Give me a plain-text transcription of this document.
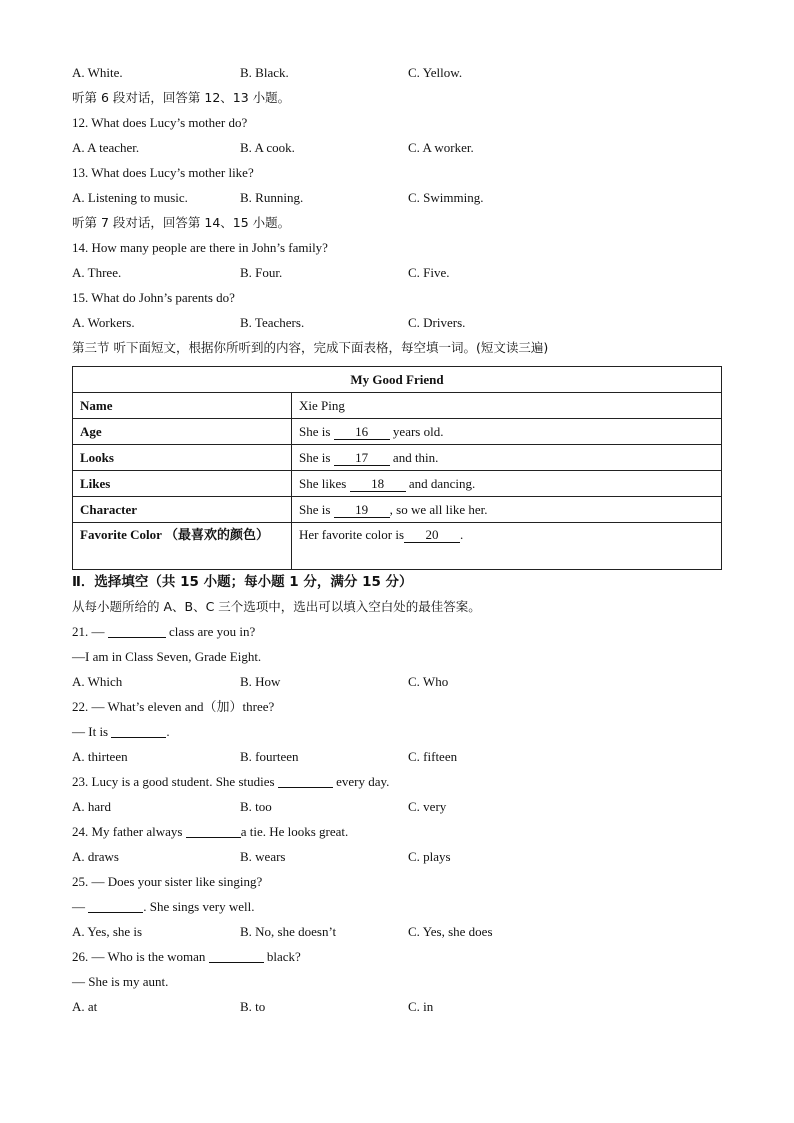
A. White.	B. Black.	C. Yellow.
听第 6 段对话，回答第 12、13 小题。
12. What does Lucy’s mother do?
A. A teacher.	B. A cook.	C. A worker.
13. What does Lucy’s mother like?
A. Listening to music.	B. Running.	C. Swimming.
听第 7 段对话，回答第 14、15 小题。
14. How many people are there in John’s family?
A. Three.	B. Four.	C. Five.
15. What do John’s parents do?
A. Workers.	B. Teachers.	C. Drivers.
第三节 听下面短文，根据你所听到的内容，完成下面表格，每空填一词。(短文读三遍)
My Good Friend	
Name	Xie Ping
Age	She is 16 years old.
Looks	She is 17 and thin.
Likes	She likes 18 and dancing.
Character	She is 19 , so we all like her.
Favorite Color （最喜欢的颜色）	Her favorite color is 20 .
Ⅱ．选择填空（共 15 小题；每小题 1 分，满分 15 分）
从每小题所给的 A、B、C 三个选项中，选出可以填入空白处的最佳答案。
21. —	class are you in?
—I am in Class Seven, Grade Eight.
A. Which	B. How	C. Who
22. — What’s eleven and（加）three?
— It is	.
A. thirteen	B. fourteen	C. fifteen
23. Lucy is a good student. She studies	every day.
A. hard	B. too	C. very
24. My father always	a tie. He looks great.
A. draws	B. wears	C. plays
25. — Does your sister like singing?
—	. She sings very well.
A. Yes, she is	B. No, she doesn’t	C. Yes, she does
26. — Who is the woman	black?
— She is my aunt.
A. at	B. to	C. in
